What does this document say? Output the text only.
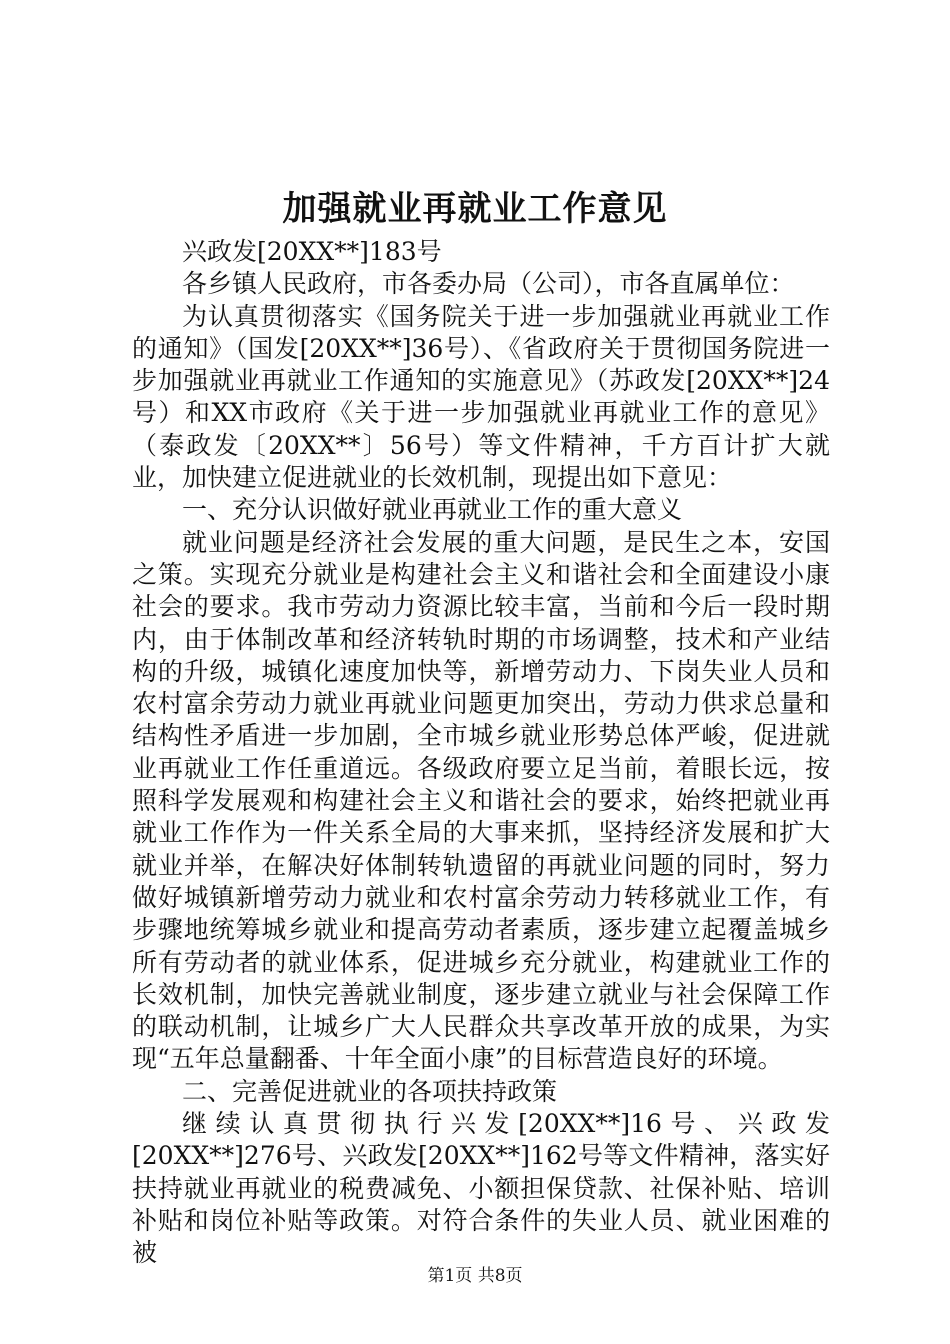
加强就业再就业工作意见

兴政发[20XX**]183号

各乡镇人民政府，市各委办局（公司），市各直属单位：

为认真贯彻落实《国务院关于进一步加强就业再就业工作的通知》（国发[20XX**]36号）、《省政府关于贯彻国务院进一步加强就业再就业工作通知的实施意见》（苏政发[20XX**]24号）和XX市政府《关于进一步加强就业再就业工作的意见》（泰政发〔20XX**〕56号）等文件精神，千方百计扩大就业，加快建立促进就业的长效机制，现提出如下意见：

一、充分认识做好就业再就业工作的重大意义

就业问题是经济社会发展的重大问题，是民生之本，安国之策。实现充分就业是构建社会主义和谐社会和全面建设小康社会的要求。我市劳动力资源比较丰富，当前和今后一段时期内，由于体制改革和经济转轨时期的市场调整，技术和产业结构的升级，城镇化速度加快等，新增劳动力、下岗失业人员和农村富余劳动力就业再就业问题更加突出，劳动力供求总量和结构性矛盾进一步加剧，全市城乡就业形势总体严峻，促进就业再就业工作任重道远。各级政府要立足当前，着眼长远，按照科学发展观和构建社会主义和谐社会的要求，始终把就业再就业工作作为一件关系全局的大事来抓，坚持经济发展和扩大就业并举，在解决好体制转轨遗留的再就业问题的同时，努力做好城镇新增劳动力就业和农村富余劳动力转移就业工作，有步骤地统筹城乡就业和提高劳动者素质，逐步建立起覆盖城乡所有劳动者的就业体系，促进城乡充分就业，构建就业工作的长效机制，加快完善就业制度，逐步建立就业与社会保障工作的联动机制，让城乡广大人民群众共享改革开放的成果，为实现“五年总量翻番、十年全面小康”的目标营造良好的环境。

二、完善促进就业的各项扶持政策

继续认真贯彻执行兴发[20XX**]16号、兴政发[20XX**]276号、兴政发[20XX**]162号等文件精神，落实好扶持就业再就业的税费减免、小额担保贷款、社保补贴、培训补贴和岗位补贴等政策。对符合条件的失业人员、就业困难的被

第1页 共8页
